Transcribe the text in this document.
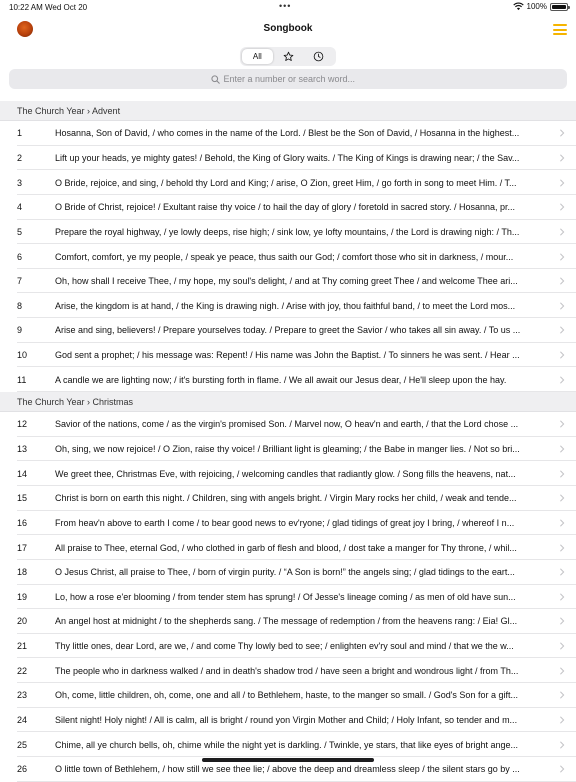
10:22 AM Wed Oct 20	•••	100%
Songbook
All
Enter a number or search word...
The Church Year › Advent
1	Hosanna, Son of David, / who comes in the name of the Lord. / Blest be the Son of David, / Hosanna in the highest...
2	Lift up your heads, ye mighty gates! / Behold, the King of Glory waits. / The King of Kings is drawing near; / the Sav...
3	O Bride, rejoice, and sing, / behold thy Lord and King; / arise, O Zion, greet Him, / go forth in song to meet Him. / T...
4	O Bride of Christ, rejoice! / Exultant raise thy voice / to hail the day of glory / foretold in sacred story. / Hosanna, pr...
5	Prepare the royal highway, / ye lowly deeps, rise high; / sink low, ye lofty mountains, / the Lord is drawing nigh: / Th...
6	Comfort, comfort, ye my people, / speak ye peace, thus saith our God; / comfort those who sit in darkness, / mour...
7	Oh, how shall I receive Thee, / my hope, my soul's delight, / and at Thy coming greet Thee / and welcome Thee ari...
8	Arise, the kingdom is at hand, / the King is drawing nigh. / Arise with joy, thou faithful band, / to meet the Lord mos...
9	Arise and sing, believers! / Prepare yourselves today. / Prepare to greet the Savior / who takes all sin away. / To us ...
10	God sent a prophet; / his message was: Repent! / His name was John the Baptist. / To sinners he was sent. / Hear ...
11	A candle we are lighting now; / it's bursting forth in flame. / We all await our Jesus dear, / He'll sleep upon the hay.
The Church Year › Christmas
12	Savior of the nations, come / as the virgin's promised Son. / Marvel now, O heav'n and earth, / that the Lord chose ...
13	Oh, sing, we now rejoice! / O Zion, raise thy voice! / Brilliant light is gleaming; / the Babe in manger lies. / Not so bri...
14	We greet thee, Christmas Eve, with rejoicing, / welcoming candles that radiantly glow. / Song fills the heavens, nat...
15	Christ is born on earth this night. / Children, sing with angels bright. / Virgin Mary rocks her child, / weak and tende...
16	From heav'n above to earth I come / to bear good news to ev'ryone; / glad tidings of great joy I bring, / whereof I n...
17	All praise to Thee, eternal God, / who clothed in garb of flesh and blood, / dost take a manger for Thy throne, / whil...
18	O Jesus Christ, all praise to Thee, / born of virgin purity. / “A Son is born!” the angels sing; / glad tidings to the eart...
19	Lo, how a rose e'er blooming / from tender stem has sprung! / Of Jesse's lineage coming / as men of old have sun...
20	An angel host at midnight / to the shepherds sang. / The message of redemption / from the heavens rang: / Eia! Gl...
21	Thy little ones, dear Lord, are we, / and come Thy lowly bed to see; / enlighten ev'ry soul and mind / that we the w...
22	The people who in darkness walked / and in death's shadow trod / have seen a bright and wondrous light / from Th...
23	Oh, come, little children, oh, come, one and all / to Bethlehem, haste, to the manger so small. / God's Son for a gift...
24	Silent night! Holy night! / All is calm, all is bright / round yon Virgin Mother and Child; / Holy Infant, so tender and m...
25	Chime, all ye church bells, oh, chime while the night yet is darkling. / Twinkle, ye stars, that like eyes of bright ange...
26	O little town of Bethlehem, / how still we see thee lie; / above the deep and dreamless sleep / the silent stars go by ...
